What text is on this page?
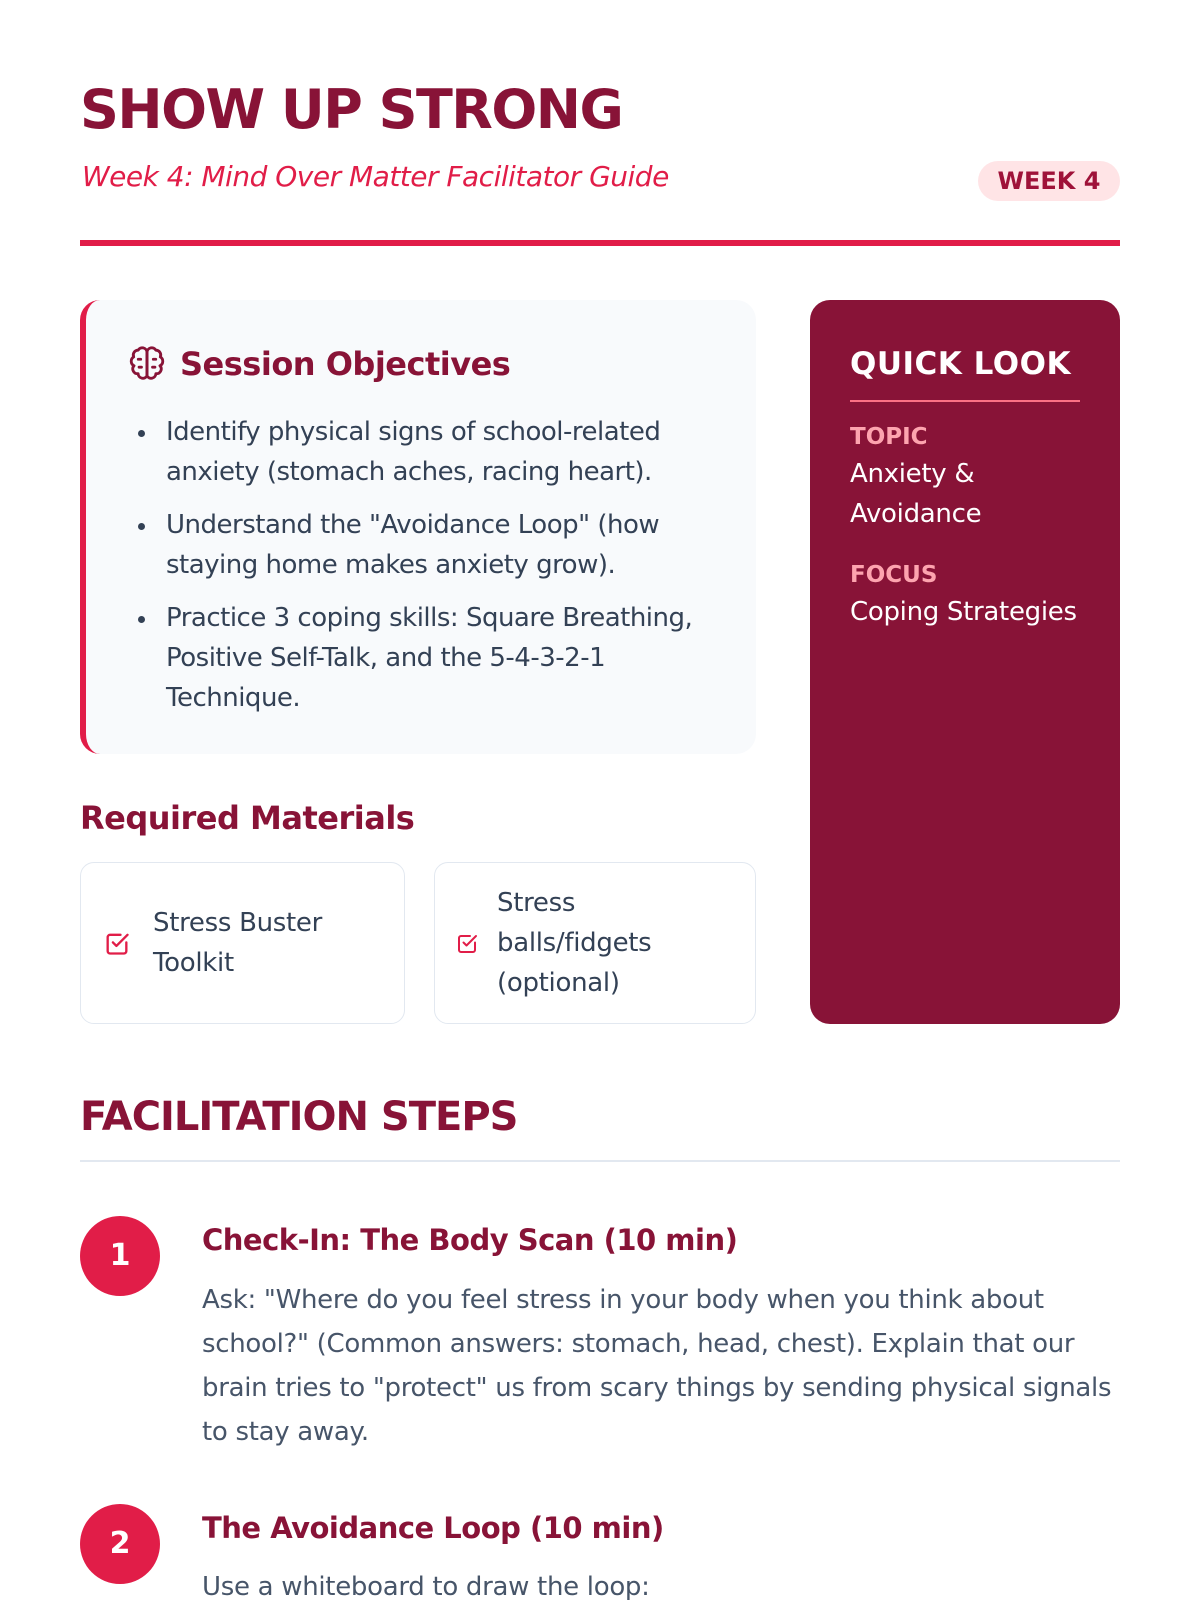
SHOW UP STRONG
Week 4: Mind Over Matter Facilitator Guide	WEEK 4
Session Objectives
Identify physical signs of school-related anxiety (stomach aches, racing heart).
Understand the "Avoidance Loop" (how staying home makes anxiety grow).
Practice 3 coping skills: Square Breathing, Positive Self-Talk, and the 5-4-3-2-1 Technique.
Required Materials
Stress Buster Toolkit
Stress balls/fidgets (optional)
QUICK LOOK
TOPIC
Anxiety & Avoidance
FOCUS
Coping Strategies
FACILITATION STEPS
1	Check-In: The Body Scan (10 min)
Ask: "Where do you feel stress in your body when you think about school?" (Common answers: stomach, head, chest). Explain that our brain tries to "protect" us from scary things by sending physical signals to stay away.
2	The Avoidance Loop (10 min)
Use a whiteboard to draw the loop:
